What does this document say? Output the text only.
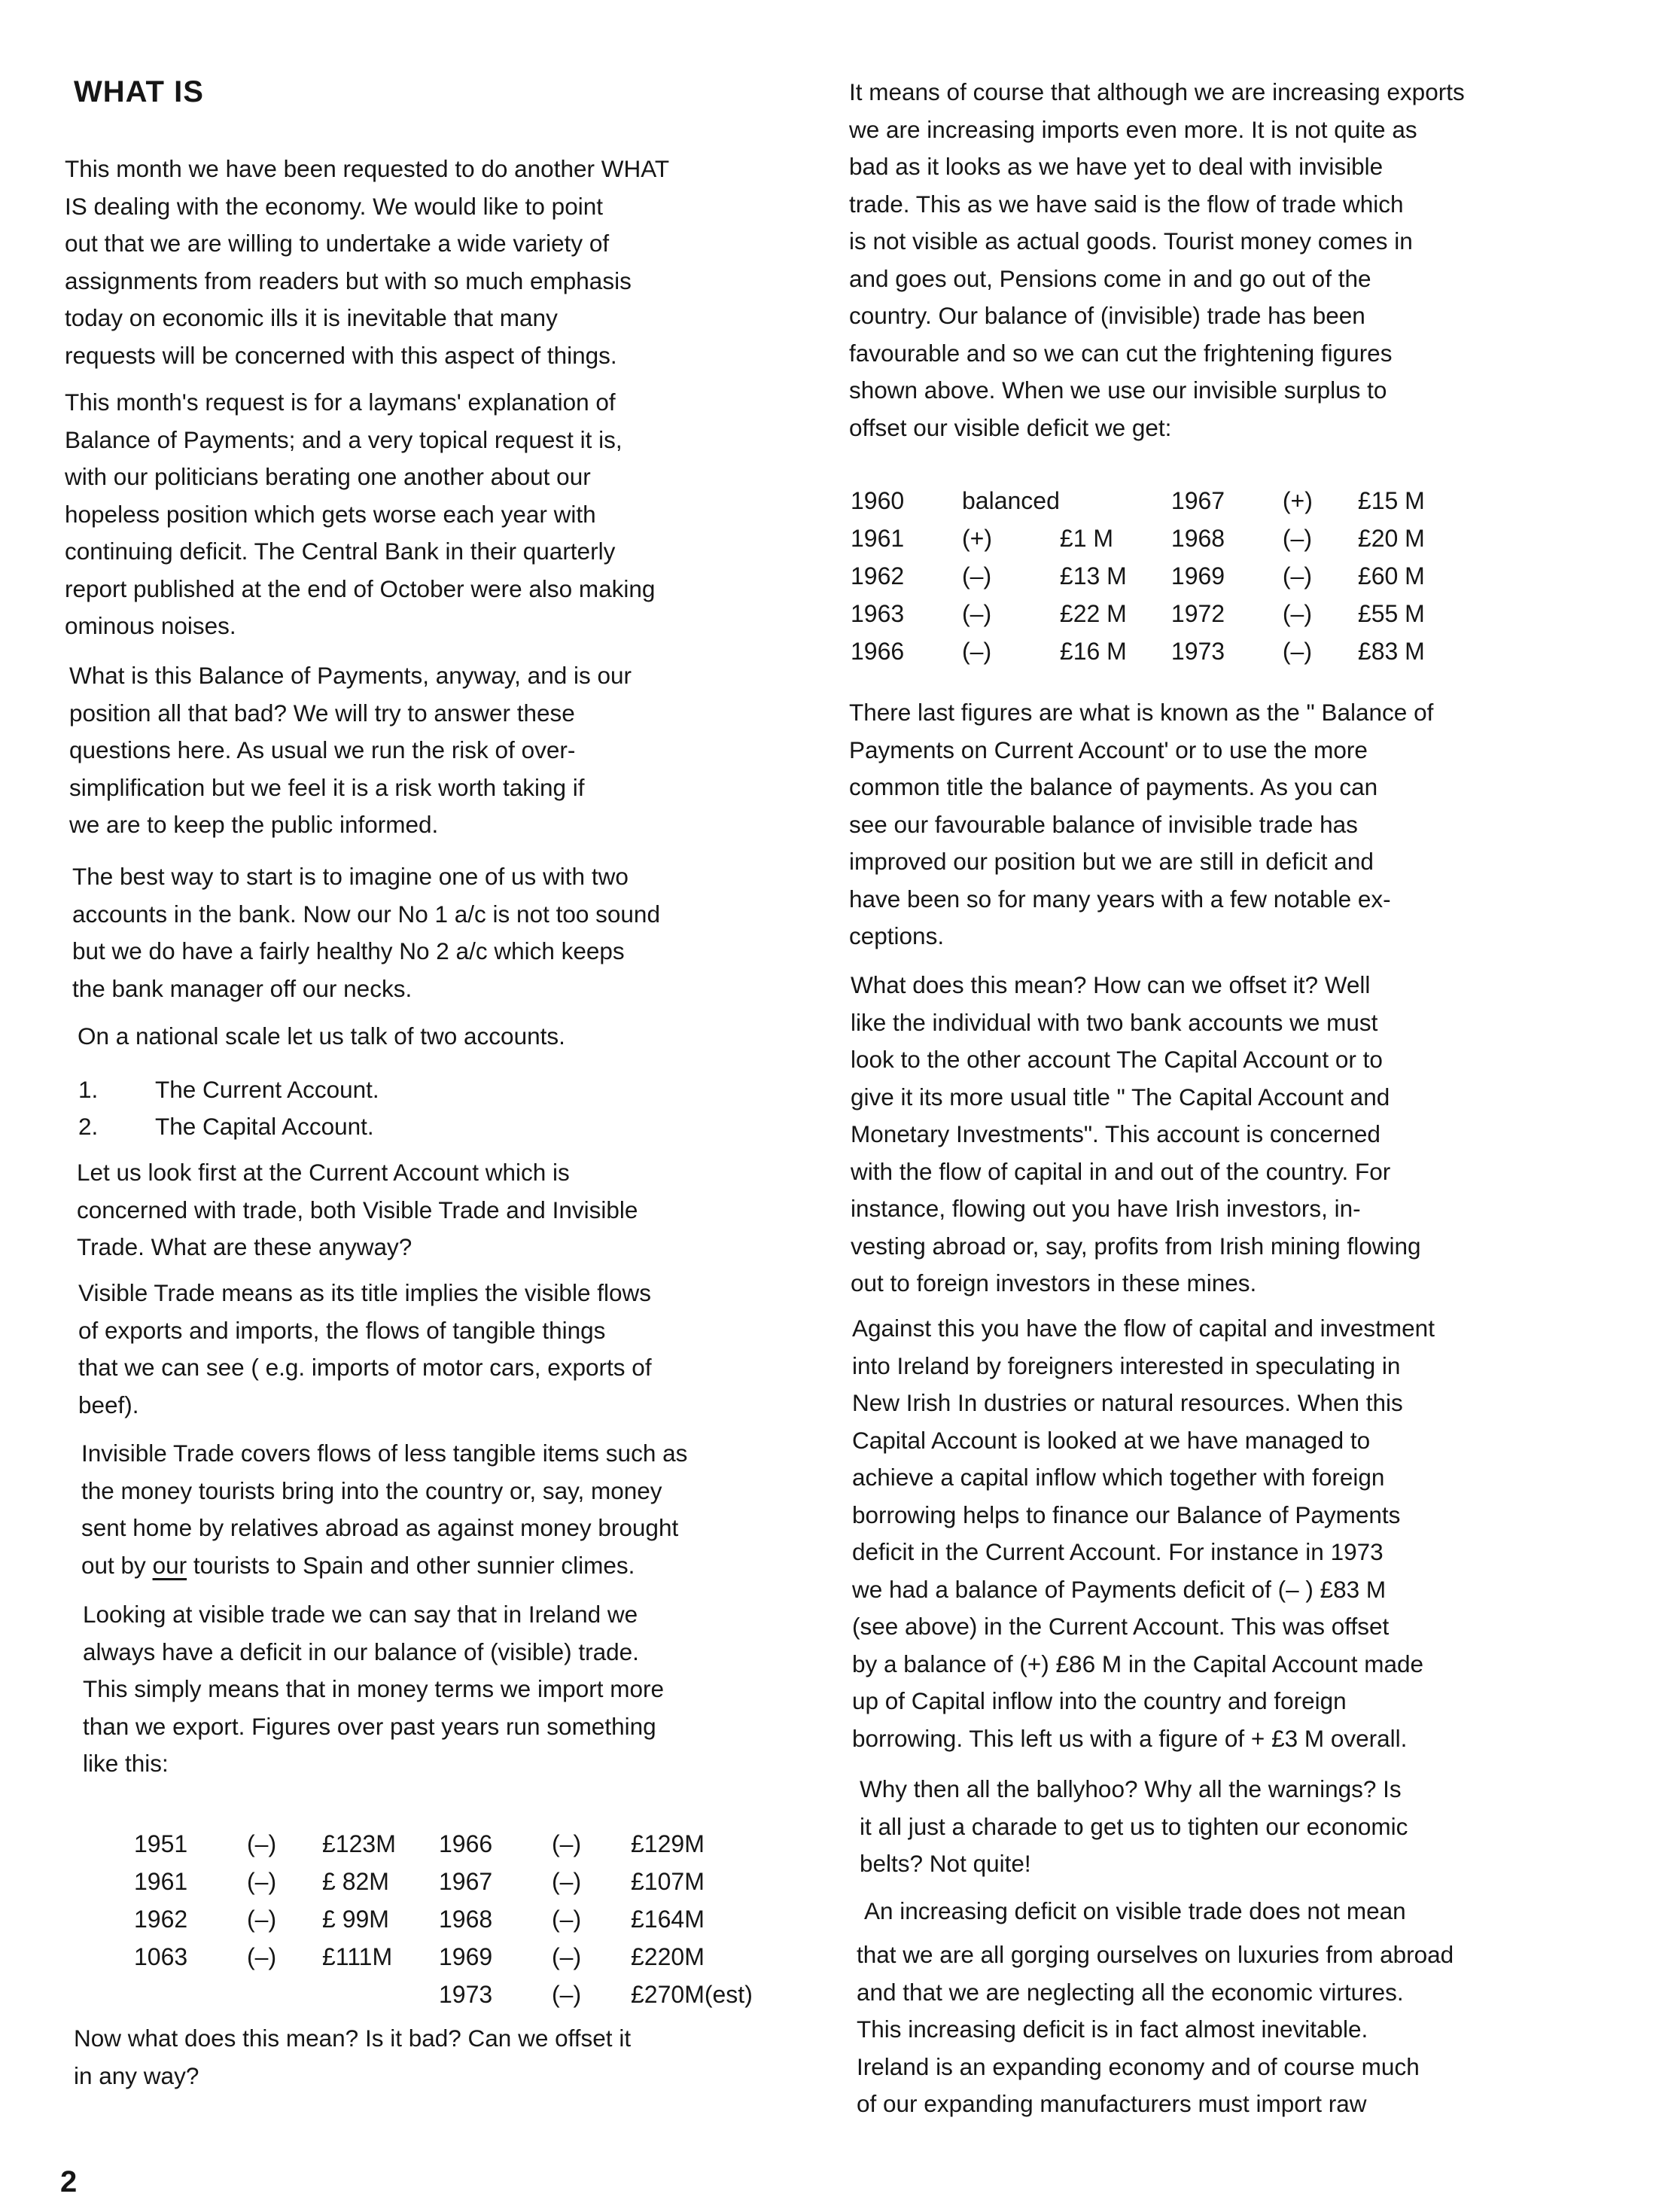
WHAT IS

This month we have been requested to do another WHAT
IS dealing with the economy. We would like to point
out that we are willing to undertake a wide variety of
assignments from readers but with so much emphasis
today on economic ills it is inevitable that many
requests will be concerned with this aspect of things.

This month's request is for a laymans' explanation of
Balance of Payments; and a very topical request it is,
with our politicians berating one another about our
hopeless position which gets worse each year with
continuing deficit. The Central Bank in their quarterly
report published at the end of October were also making
ominous noises.

What is this Balance of Payments, anyway, and is our
position all that bad? We will try to answer these
questions here. As usual we run the risk of over-
simplification but we feel it is a risk worth taking if
we are to keep the public informed.

The best way to start is to imagine one of us with two
accounts in the bank. Now our No 1 a/c is not too sound
but we do have a fairly healthy No 2 a/c which keeps
the bank manager off our necks.

On a national scale let us talk of two accounts.

1. The Current Account.
2. The Capital Account.

Let us look first at the Current Account which is
concerned with trade, both Visible Trade and Invisible
Trade. What are these anyway?

Visible Trade means as its title implies the visible flows
of exports and imports, the flows of tangible things
that we can see ( e.g. imports of motor cars, exports of
beef).

Invisible Trade covers flows of less tangible items such as
the money tourists bring into the country or, say, money
sent home by relatives abroad as against money brought
out by our tourists to Spain and other sunnier climes.

Looking at visible trade we can say that in Ireland we
always have a deficit in our balance of (visible) trade.
This simply means that in money terms we import more
than we export. Figures over past years run something
like this:

1951	(–)	£123M	1966	(–)	£129M
1961	(–)	£ 82M	1967	(–)	£107M
1962	(–)	£ 99M	1968	(–)	£164M
1063	(–)	£111M	1969	(–)	£220M
			1973	(–)	£270M(est)

Now what does this mean? Is it bad? Can we offset it
in any way?

It means of course that although we are increasing exports
we are increasing imports even more. It is not quite as
bad as it looks as we have yet to deal with invisible
trade. This as we have said is the flow of trade which
is not visible as actual goods. Tourist money comes in
and goes out, Pensions come in and go out of the
country. Our balance of (invisible) trade has been
favourable and so we can cut the frightening figures
shown above. When we use our invisible surplus to
offset our visible deficit we get:

1960	balanced		1967	(+)	£15 M
1961	(+)	£1 M	1968	(–)	£20 M
1962	(–)	£13 M	1969	(–)	£60 M
1963	(–)	£22 M	1972	(–)	£55 M
1966	(–)	£16 M	1973	(–)	£83 M

There last figures are what is known as the " Balance of
Payments on Current Account' or to use the more
common title the balance of payments. As you can
see our favourable balance of invisible trade has
improved our position but we are still in deficit and
have been so for many years with a few notable ex-
ceptions.

What does this mean? How can we offset it? Well
like the individual with two bank accounts we must
look to the other account The Capital Account or to
give it its more usual title " The Capital Account and
Monetary Investments". This account is concerned
with the flow of capital in and out of the country. For
instance, flowing out you have Irish investors, in-
vesting abroad or, say, profits from Irish mining flowing
out to foreign investors in these mines.

Against this you have the flow of capital and investment
into Ireland by foreigners interested in speculating in
New Irish In dustries or natural resources. When this
Capital Account is looked at we have managed to
achieve a capital inflow which together with foreign
borrowing helps to finance our Balance of Payments
deficit in the Current Account. For instance in 1973
we had a balance of Payments deficit of (– ) £83 M
(see above) in the Current Account. This was offset
by a balance of (+) £86 M in the Capital Account made
up of Capital inflow into the country and foreign
borrowing. This left us with a figure of + £3 M overall.

Why then all the ballyhoo? Why all the warnings? Is
it all just a charade to get us to tighten our economic
belts? Not quite!

An increasing deficit on visible trade does not mean

that we are all gorging ourselves on luxuries from abroad
and that we are neglecting all the economic virtures.
This increasing deficit is in fact almost inevitable.
Ireland is an expanding economy and of course much
of our expanding manufacturers must import raw

2
